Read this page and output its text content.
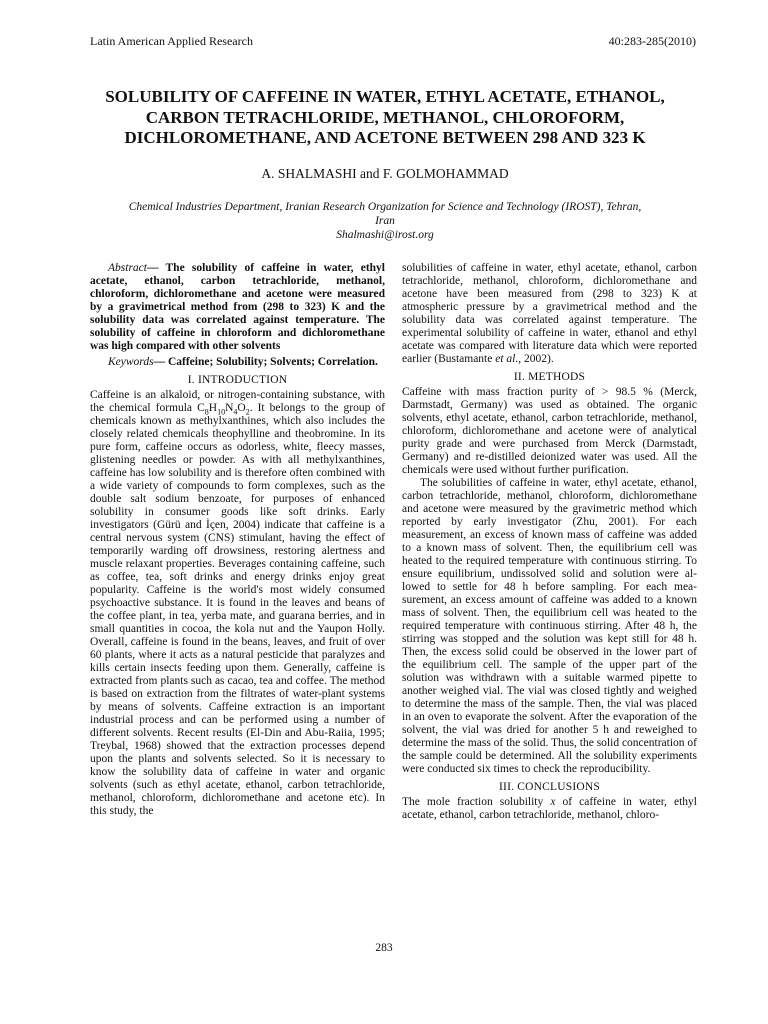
Latin American Applied Research	40:283-285(2010)
SOLUBILITY OF CAFFEINE IN WATER, ETHYL ACETATE, ETHANOL,
CARBON TETRACHLORIDE, METHANOL, CHLOROFORM,
DICHLOROMETHANE, AND ACETONE BETWEEN 298 AND 323 K
A. SHALMASHI and F. GOLMOHAMMAD
Chemical Industries Department, Iranian Research Organization for Science and Technology (IROST), Tehran,
Iran
Shalmashi@irost.org

Abstract— The solubility of caffeine in water, ethyl acetate, ethanol, carbon tetrachloride, methanol, chloroform, dichloromethane and acetone were measured by a gravimetrical method from (298 to 323) K and the solubility data was correlated against temperature. The solubility of caffeine in chloroform and dichloromethane was high compared with other solvents

Keywords— Caffeine; Solubility; Solvents; Correlation.

I. INTRODUCTION

Caffeine is an alkaloid, or nitrogen-containing substance, with the chemical formula $C_8H_{10}N_4O_2$. It belongs to the group of chemicals known as methylxanthines, which also includes the closely related chemicals theophylline and theobromine. In its pure form, caffeine occurs as odorless, white, fleecy masses, glistening needles or powder. As with all methylxanthines, caffeine has low solubility and is therefore often combined with a wide variety of compounds to form complexes, such as the double salt sodium benzoate, for purposes of enhanced solubility in consumer goods like soft drinks. Early investigators (Gürü and İçen, 2004) indicate that caffeine is a central nervous system (CNS) stimulant, having the effect of temporarily warding off drowsiness, restoring alertness and muscle relaxant properties. Beverages containing caffeine, such as coffee, tea, soft drinks and energy drinks enjoy great popularity. Caffeine is the world's most widely consumed psychoactive substance. It is found in the leaves and beans of the coffee plant, in tea, yerba mate, and guarana berries, and in small quantities in cocoa, the kola nut and the Yaupon Holly. Overall, caffeine is found in the beans, leaves, and fruit of over 60 plants, where it acts as a natural pesticide that paralyzes and kills certain insects feeding upon them. Generally, caffeine is extracted from plants such as cacao, tea and coffee. The method is based on extraction from the filtrates of water-plant systems by means of solvents. Caffeine extraction is an important industrial process and can be performed using a number of different solvents. Recent results (El-Din and Abu-Raiia, 1995; Treybal, 1968) showed that the extraction processes depend upon the plants and solvents selected. So it is necessary to know the solubility data of caffeine in water and organic solvents (such as ethyl acetate, ethanol, carbon tetrachloride, methanol, chloroform, dichloromethane and acetone etc). In this study, the

solubilities of caffeine in water, ethyl acetate, ethanol, carbon tetrachloride, methanol, chloroform, dichloromethane and acetone have been measured from (298 to 323) K at atmospheric pressure by a gravimetrical method and the solubility data was correlated against temperature. The experimental solubility of caffeine in water, ethanol and ethyl acetate was compared with literature data which were reported earlier (Bustamante et al., 2002).

II. METHODS

Caffeine with mass fraction purity of > 98.5 % (Merck, Darmstadt, Germany) was used as obtained. The organic solvents, ethyl acetate, ethanol, carbon tetrachloride, methanol, chloroform, dichloromethane and acetone were of analytical purity grade and were purchased from Merck (Darmstadt, Germany) and re-distilled deionized water was used. All the chemicals were used without further purification.

The solubilities of caffeine in water, ethyl acetate, ethanol, carbon tetrachloride, methanol, chloroform, dichloromethane and acetone were measured by the gravimetric method which reported by early investigator (Zhu, 2001). For each measurement, an excess of known mass of caffeine was added to a known mass of solvent. Then, the equilibrium cell was heated to the required temperature with continuous stirring. To ensure equilibrium, undissolved solid and solution were allowed to settle for 48 h before sampling. For each measurement, an excess amount of caffeine was added to a known mass of solvent. Then, the equilibrium cell was heated to the required temperature with continuous stirring. After 48 h, the stirring was stopped and the solution was kept still for 48 h. Then, the excess solid could be observed in the lower part of the equilibrium cell. The sample of the upper part of the solution was withdrawn with a suitable warmed pipette to another weighed vial. The vial was closed tightly and weighed to determine the mass of the sample. Then, the vial was placed in an oven to evaporate the solvent. After the evaporation of the solvent, the vial was dried for another 5 h and reweighed to determine the mass of the solid. Thus, the solid concentration of the sample could be determined. All the solubility experiments were conducted six times to check the reproducibility.

III. CONCLUSIONS

The mole fraction solubility x of caffeine in water, ethyl acetate, ethanol, carbon tetrachloride, methanol, chloro-

283
